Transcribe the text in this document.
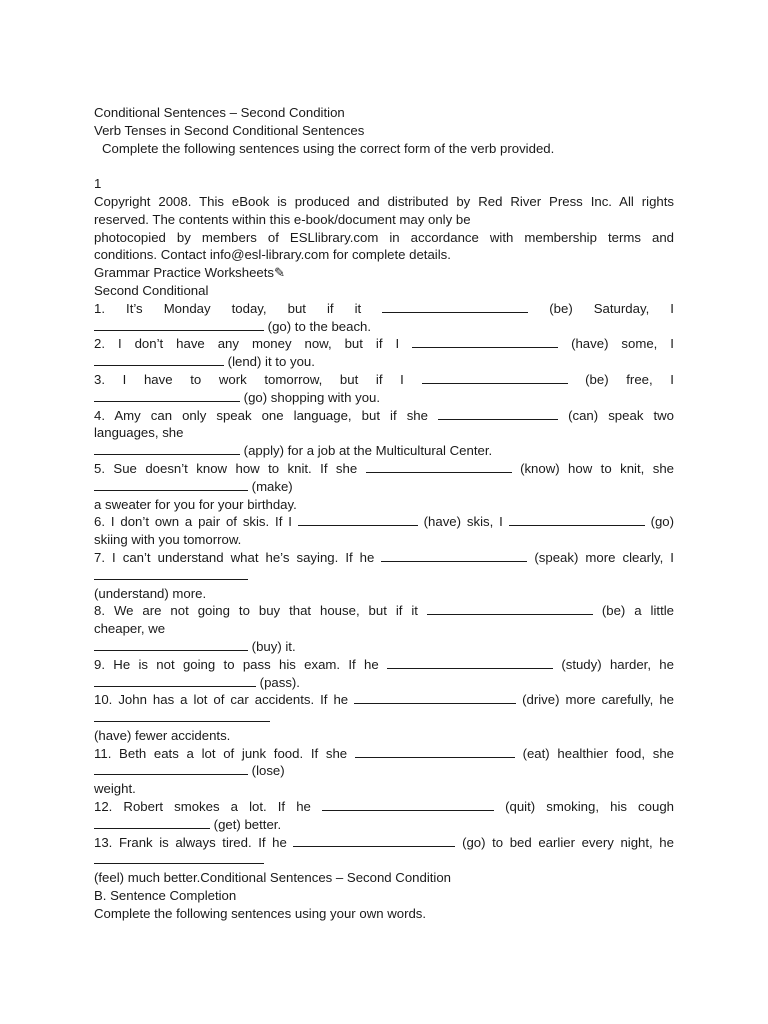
Conditional Sentences – Second Condition
Verb Tenses in Second Conditional Sentences
Complete the following sentences using the correct form of the verb provided.
1
Copyright 2008. This eBook is produced and distributed by Red River Press Inc. All rights
reserved. The contents within this e-book/document may only be
photocopied by members of ESLlibrary.com in accordance with membership terms and
conditions. Contact info@esl-library.com for complete details.
Grammar Practice Worksheets✎
Second Conditional
1. It’s Monday today, but if it	(be) Saturday, I
(go) to the beach.
2. I don’t have any money now, but if I	(have) some, I
(lend) it to you.
3. I have to work tomorrow, but if I	(be) free, I
(go) shopping with you.
4. Amy can only speak one language, but if she	(can) speak two
languages, she
(apply) for a job at the Multicultural Center.
5. Sue doesn’t know how to knit. If she	(know) how to knit, she
(make)
a sweater for you for your birthday.
6. I don’t own a pair of skis. If I	(have) skis, I	(go)
skiing with you tomorrow.
7. I can’t understand what he’s saying. If he	(speak) more clearly, I
(understand) more.
8. We are not going to buy that house, but if it	(be) a little
cheaper, we
(buy) it.
9. He is not going to pass his exam. If he	(study) harder, he
(pass).
10. John has a lot of car accidents. If he	(drive) more carefully, he
(have) fewer accidents.
11. Beth eats a lot of junk food. If she	(eat) healthier food, she
(lose)
weight.
12. Robert smokes a lot. If he	(quit) smoking, his cough
(get) better.
13. Frank is always tired. If he	(go) to bed earlier every night, he
(feel) much better.Conditional Sentences – Second Condition
B. Sentence Completion
Complete the following sentences using your own words.
